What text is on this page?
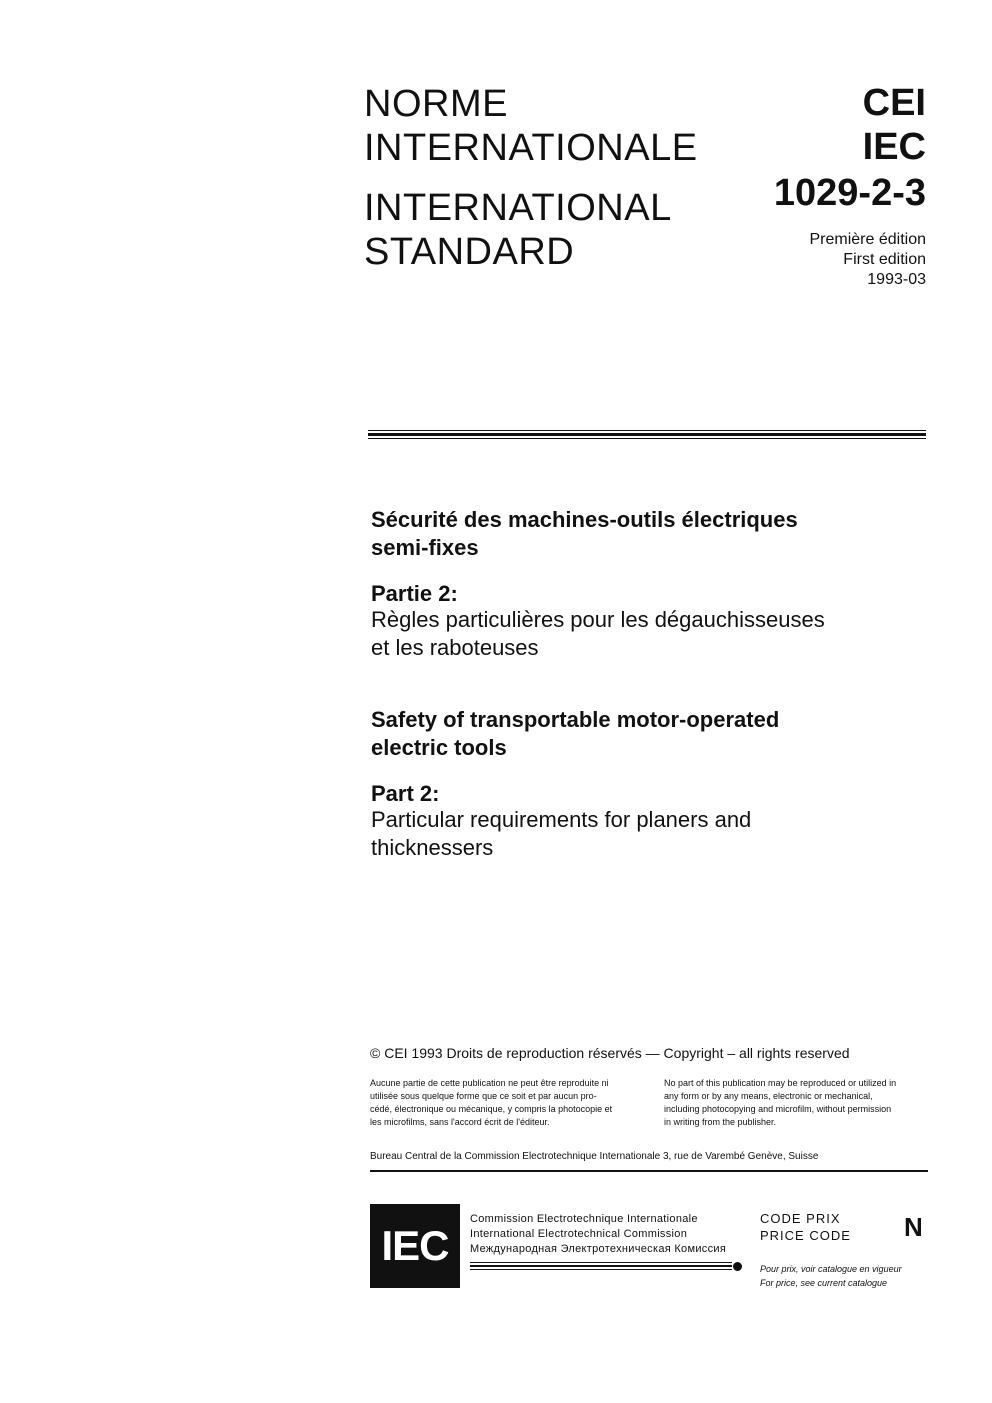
NORME
INTERNATIONALE
INTERNATIONAL
STANDARD
CEI
IEC
1029-2-3
Première édition
First edition
1993-03
Sécurité des machines-outils électriques
semi-fixes
Partie 2:
Règles particulières pour les dégauchisseuses
et les raboteuses
Safety of transportable motor-operated
electric tools
Part 2:
Particular requirements for planers and
thicknessers
© CEI 1993 Droits de reproduction réservés — Copyright – all rights reserved
Aucune partie de cette publication ne peut être reproduite ni
utilisée sous quelque forme que ce soit et par aucun pro-
cédé, électronique ou mécanique, y compris la photocopie et
les microfilms, sans l'accord écrit de l'éditeur.
No part of this publication may be reproduced or utilized in
any form or by any means, electronic or mechanical,
including photocopying and microfilm, without permission
in writing from the publisher.
Bureau Central de la Commission Electrotechnique Internationale 3, rue de Varembé Genève, Suisse
IEC
Commission Electrotechnique Internationale
International Electrotechnical Commission
Международная Электротехническая Комиссия
CODE PRIX
PRICE CODE N
Pour prix, voir catalogue en vigueur
For price, see current catalogue
